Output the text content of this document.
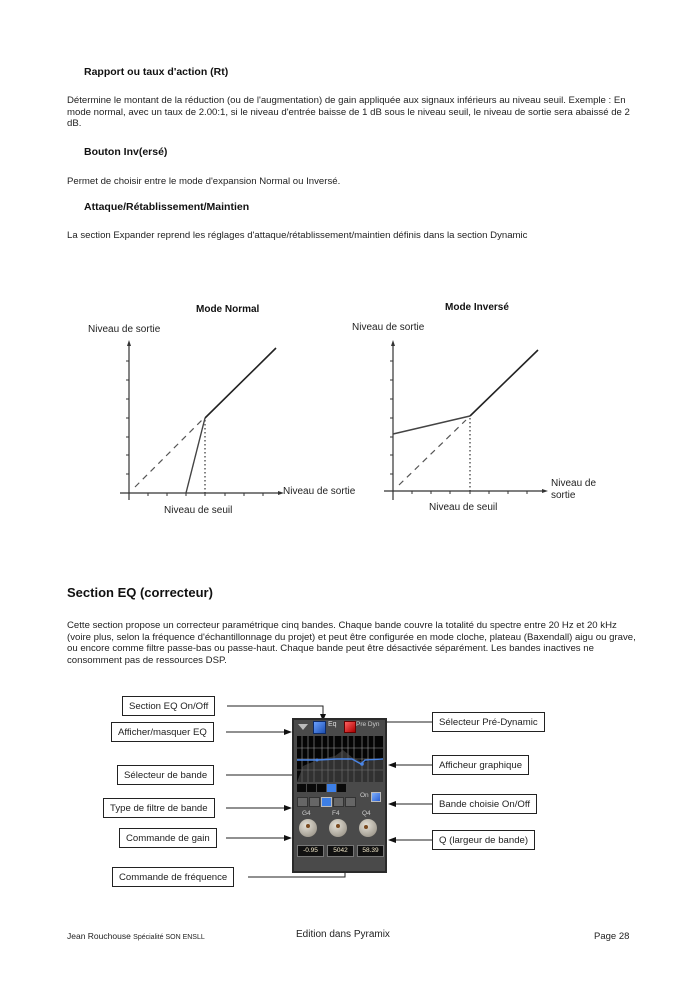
Rapport ou taux d'action (Rt)
Détermine le montant de la réduction (ou de l'augmentation) de gain appliquée aux signaux inférieurs au niveau seuil. Exemple : En mode normal, avec un taux de 2.00:1, si le niveau d'entrée baisse de 1 dB sous le niveau seuil, le niveau de sortie sera abaissé de 2 dB.
Bouton Inv(ersé)
Permet de choisir entre le mode d'expansion Normal ou Inversé.
Attaque/Rétablissement/Maintien
La section Expander reprend les réglages d'attaque/rétablissement/maintien définis dans la section Dynamic
Mode Normal
Niveau de sortie
Niveau de sortie
Niveau de seuil
Mode Inversé
Niveau de sortie
Niveau de
sortie
Niveau de seuil
Section EQ (correcteur)
Cette section propose un correcteur paramétrique cinq bandes. Chaque bande couvre la totalité du spectre entre 20 Hz et 20 kHz (voire plus, selon la fréquence d'échantillonnage du projet) et peut être configurée en mode cloche, plateau (Baxendall) aigu ou grave, ou encore comme filtre passe-bas ou passe-haut. Chaque bande peut être désactivée séparément. Les bandes inactives ne consomment pas de ressources DSP.
Eq	Pre Dyn
On
G4	F4	Q4
-0.95	5042	58.39
Section EQ On/Off
Afficher/masquer EQ
Sélecteur de bande
Type de filtre de bande
Commande de gain
Commande de fréquence
Sélecteur Pré-Dynamic
Afficheur graphique
Bande choisie On/Off
Q (largeur de bande)
Jean Rouchouse Spécialité SON ENSLL	Edition dans Pyramix	Page 28
